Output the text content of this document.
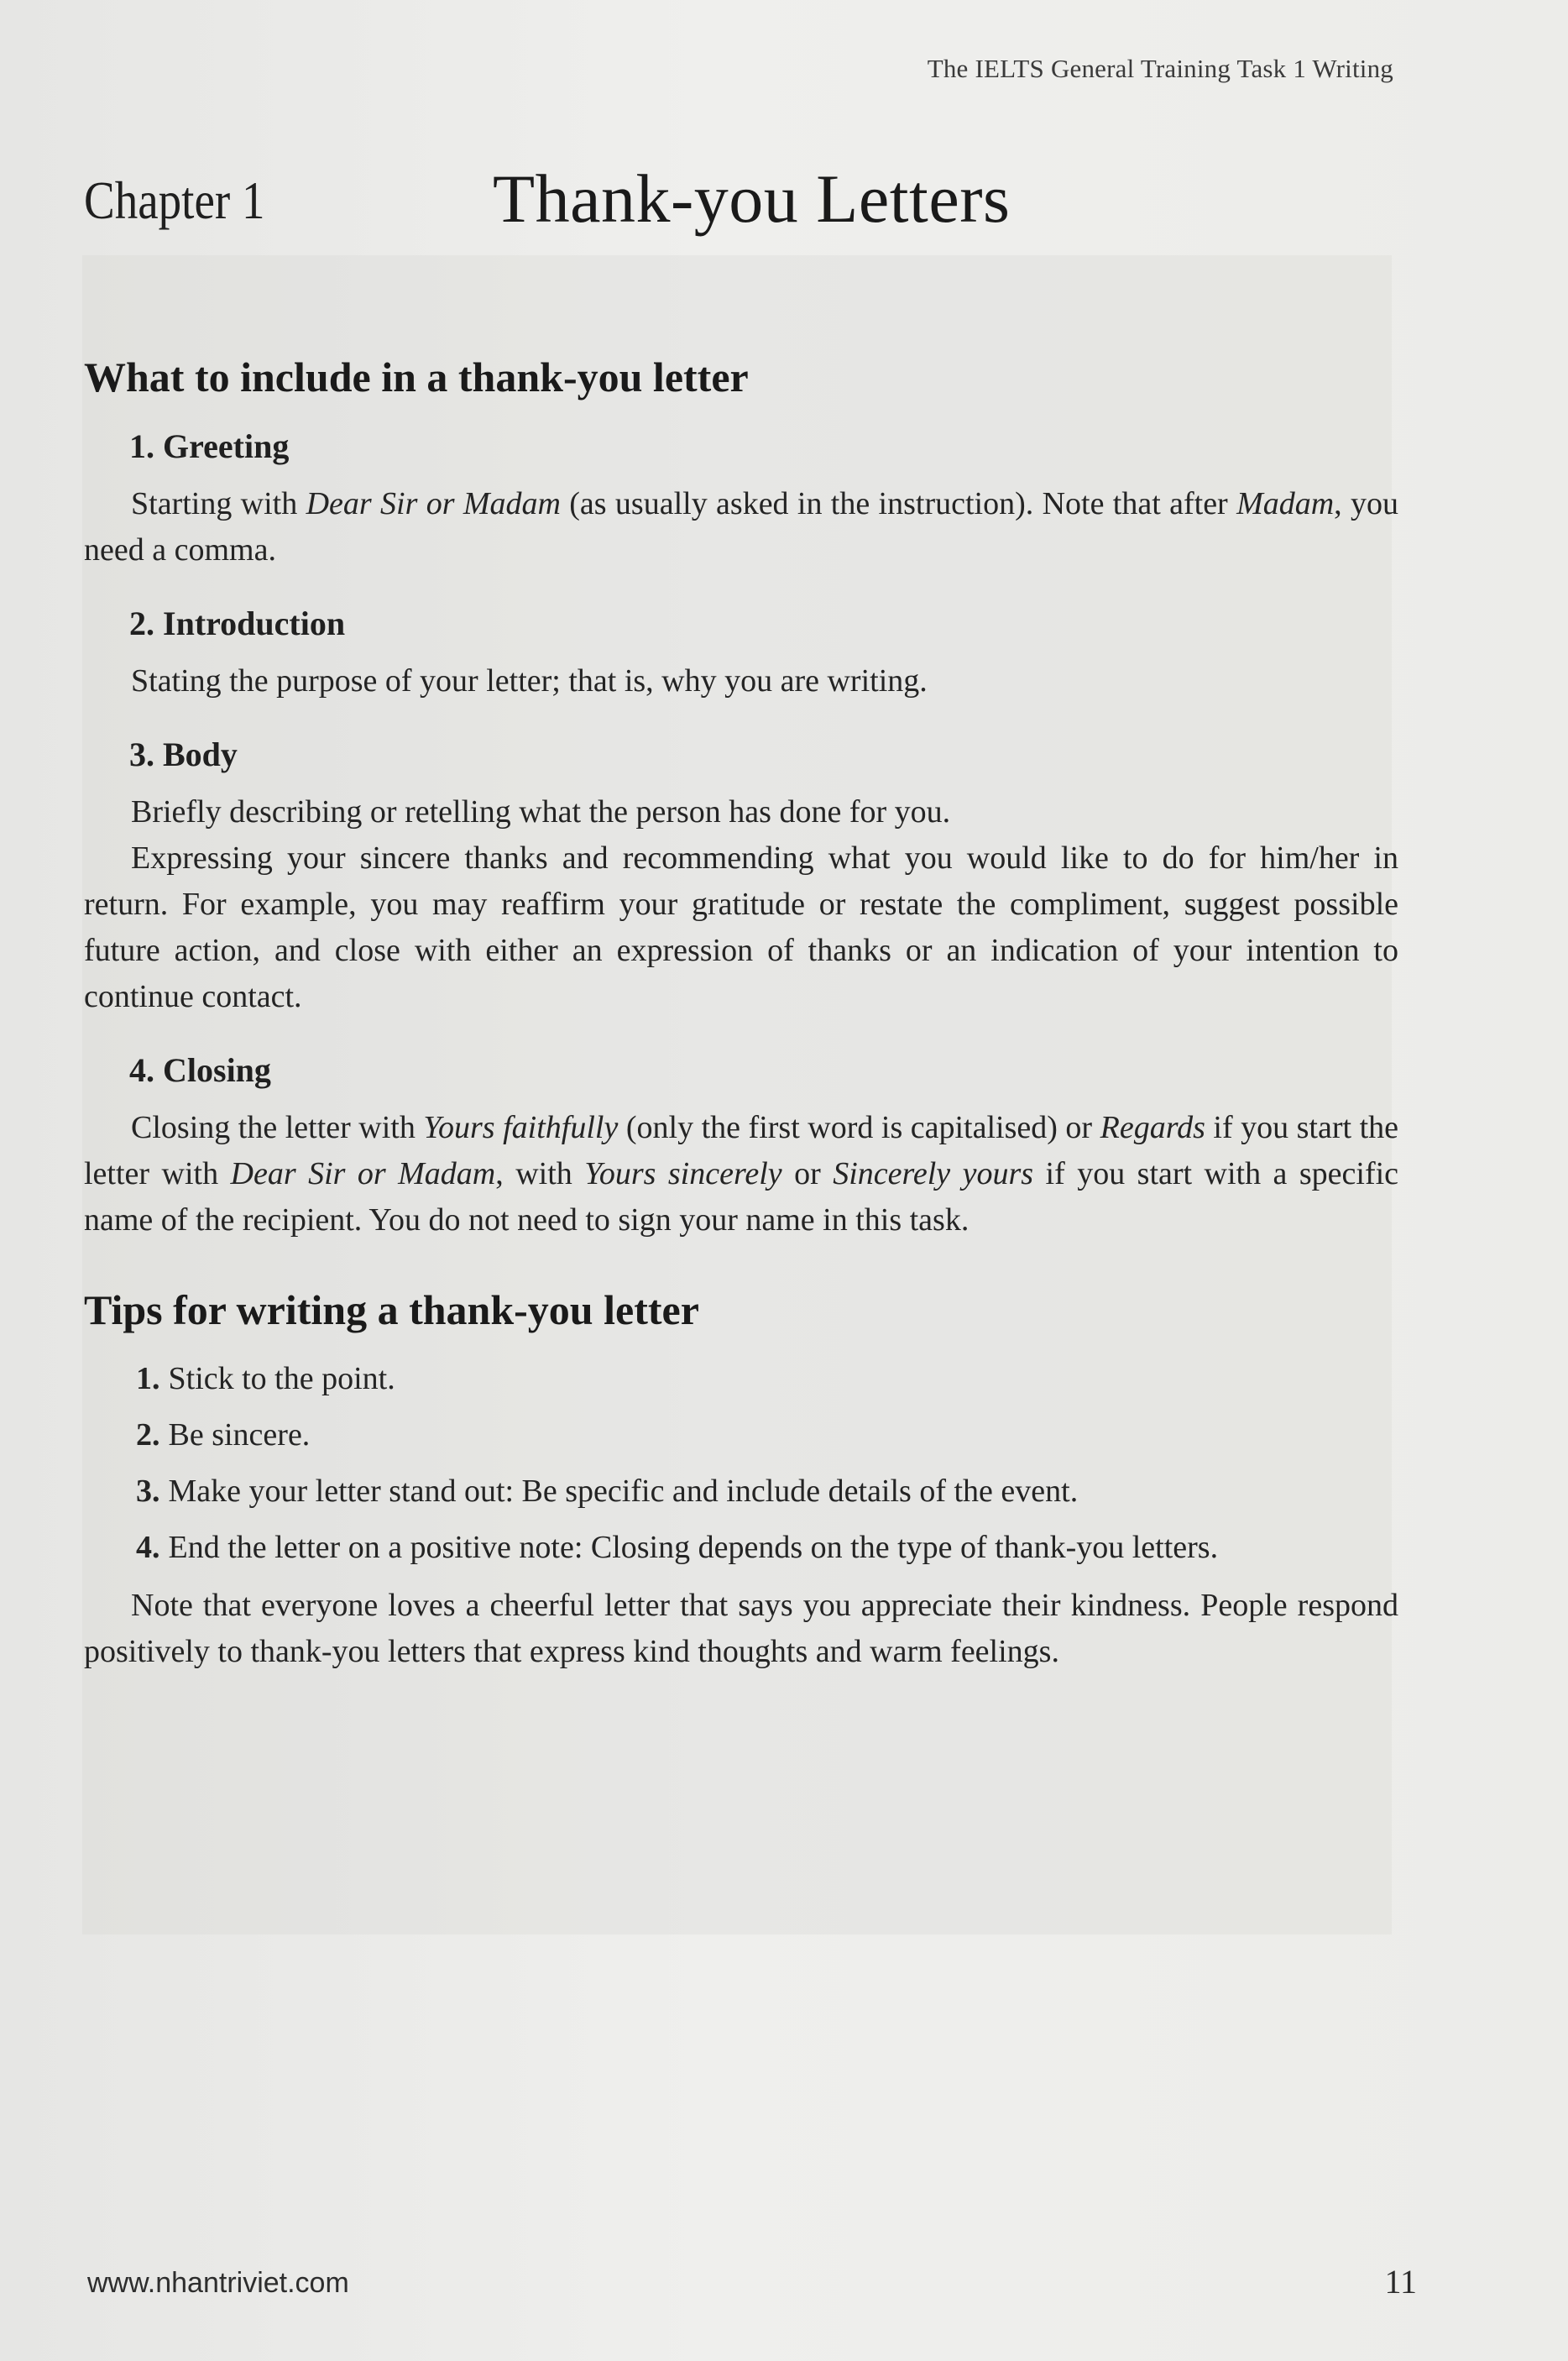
The IELTS General Training Task 1 Writing
Chapter 1	Thank-you Letters
What to include in a thank-you letter
1. Greeting

Starting with Dear Sir or Madam (as usually asked in the instruction). Note that after Madam, you need a comma.

2. Introduction

Stating the purpose of your letter; that is, why you are writing.

3. Body

Briefly describing or retelling what the person has done for you.

Expressing your sincere thanks and recommending what you would like to do for him/her in return. For example, you may reaffirm your gratitude or restate the compliment, suggest possible future action, and close with either an expression of thanks or an indication of your intention to continue contact.

4. Closing

Closing the letter with Yours faithfully (only the first word is capitalised) or Regards if you start the letter with Dear Sir or Madam, with Yours sincerely or Sincerely yours if you start with a specific name of the recipient. You do not need to sign your name in this task.

Tips for writing a thank-you letter
1. Stick to the point.
2. Be sincere.
3. Make your letter stand out: Be specific and include details of the event.
4. End the letter on a positive note: Closing depends on the type of thank-you letters.

Note that everyone loves a cheerful letter that says you appreciate their kindness. People respond positively to thank-you letters that express kind thoughts and warm feelings.

www.nhantriviet.com	11
